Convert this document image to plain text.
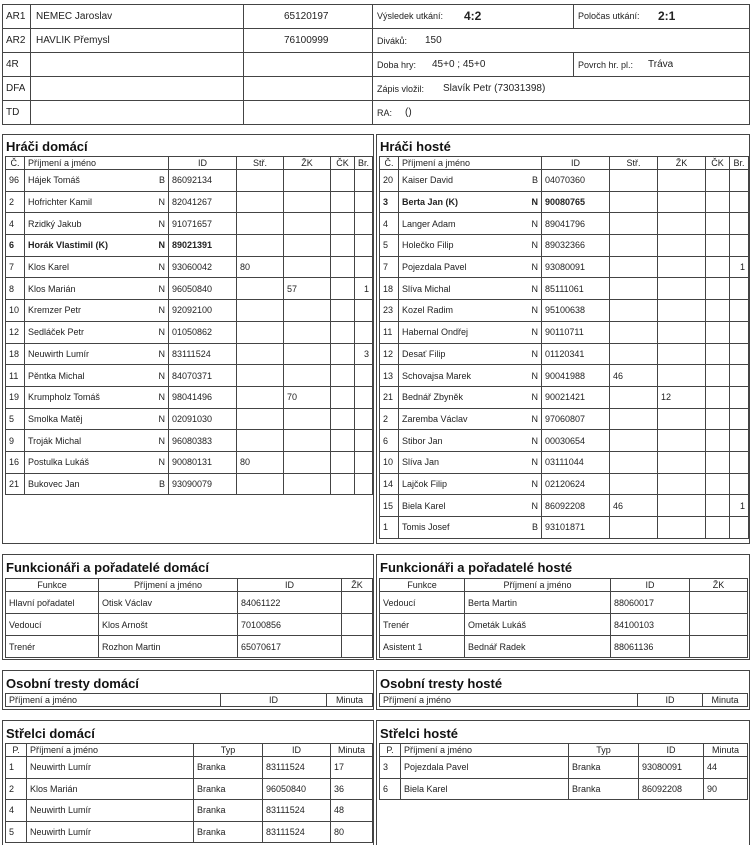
AR1 NĚMEC Jaroslav	65120197
AR2 HAVLÍK Přemysl	76100999
4R
DFA
TD
Výsledek utkání: 4:2	Poločas utkání: 2:1
Diváků: 150
Doba hry: 45+0 ; 45+0	Povrch hr. pl.: Tráva
Zápis vložil: Slavík Petr (73031398)
RA: ()
Hráči domácí	Hráči hosté
Č.	Příjmení a jméno	ID	Stř.	ŽK	ČK	Br.
96	Hájek Tomáš B	86092134				
2	Hofrichter Kamil N	82041267				
4	Rzidký Jakub N	91071657				
6	Horák Vlastimil (K) N	89021391				
7	Klos Karel N	93060042	80			
8	Klos Marián N	96050840		57		1
10	Kremzer Petr N	92092100				
12	Sedláček Petr N	01050862				
18	Neuwirth Lumír N	83111524				3
11	Pěntka Michal N	84070371				
19	Krumpholz Tomáš N	98041496		70		
5	Smolka Matěj N	02091030				
9	Troják Michal N	96080383				
16	Postulka Lukáš N	90080131	80			
21	Bukovec Jan B	93090079				
Č.	Příjmení a jméno	ID	Stř.	ŽK	ČK	Br.
20	Kaiser David B	04070360				
3	Berta Jan (K) N	90080765				
4	Langer Adam N	89041796				
5	Holečko Filip N	89032366				
7	Pojezdala Pavel N	93080091				1
18	Slíva Michal N	85111061				
23	Kozel Radim N	95100638				
11	Habernal Ondřej N	90110711				
12	Desať Filip N	01120341				
13	Schovajsa Marek N	90041988	46			
21	Bednář Zbyněk N	90021421		12		
2	Zaremba Václav N	97060807				
6	Stibor Jan N	00030654				
10	Slíva Jan N	03111044				
14	Lajčok Filip N	02120624				
15	Biela Karel N	86092208	46			1
1	Tomis Josef B	93101871				
Funkcionáři a pořadatelé domácí	Funkcionáři a pořadatelé hosté
Funkce	Příjmení a jméno	ID	ŽK
Hlavní pořadatel	Otisk Václav	84061122	
Vedoucí	Klos Arnošt	70100856	
Trenér	Rozhon Martin	65070617	
Funkce	Příjmení a jméno	ID	ŽK
Vedoucí	Berta Martin	88060017	
Trenér	Ometák Lukáš	84100103	
Asistent 1	Bednář Radek	88061136	
Osobní tresty domácí	Osobní tresty hosté
Příjmení a jméno	ID	Minuta Příjmení a jméno	ID	Minuta
Střelci domácí	Střelci hosté
P.	Příjmení a jméno	Typ	ID	Minuta
1	Neuwirth Lumír	Branka	83111524	17
2	Klos Marián	Branka	96050840	36
4	Neuwirth Lumír	Branka	83111524	48
5	Neuwirth Lumír	Branka	83111524	80
P.	Příjmení a jméno	Typ	ID	Minuta
3	Pojezdala Pavel	Branka	93080091	44
6	Biela Karel	Branka	86092208	90
